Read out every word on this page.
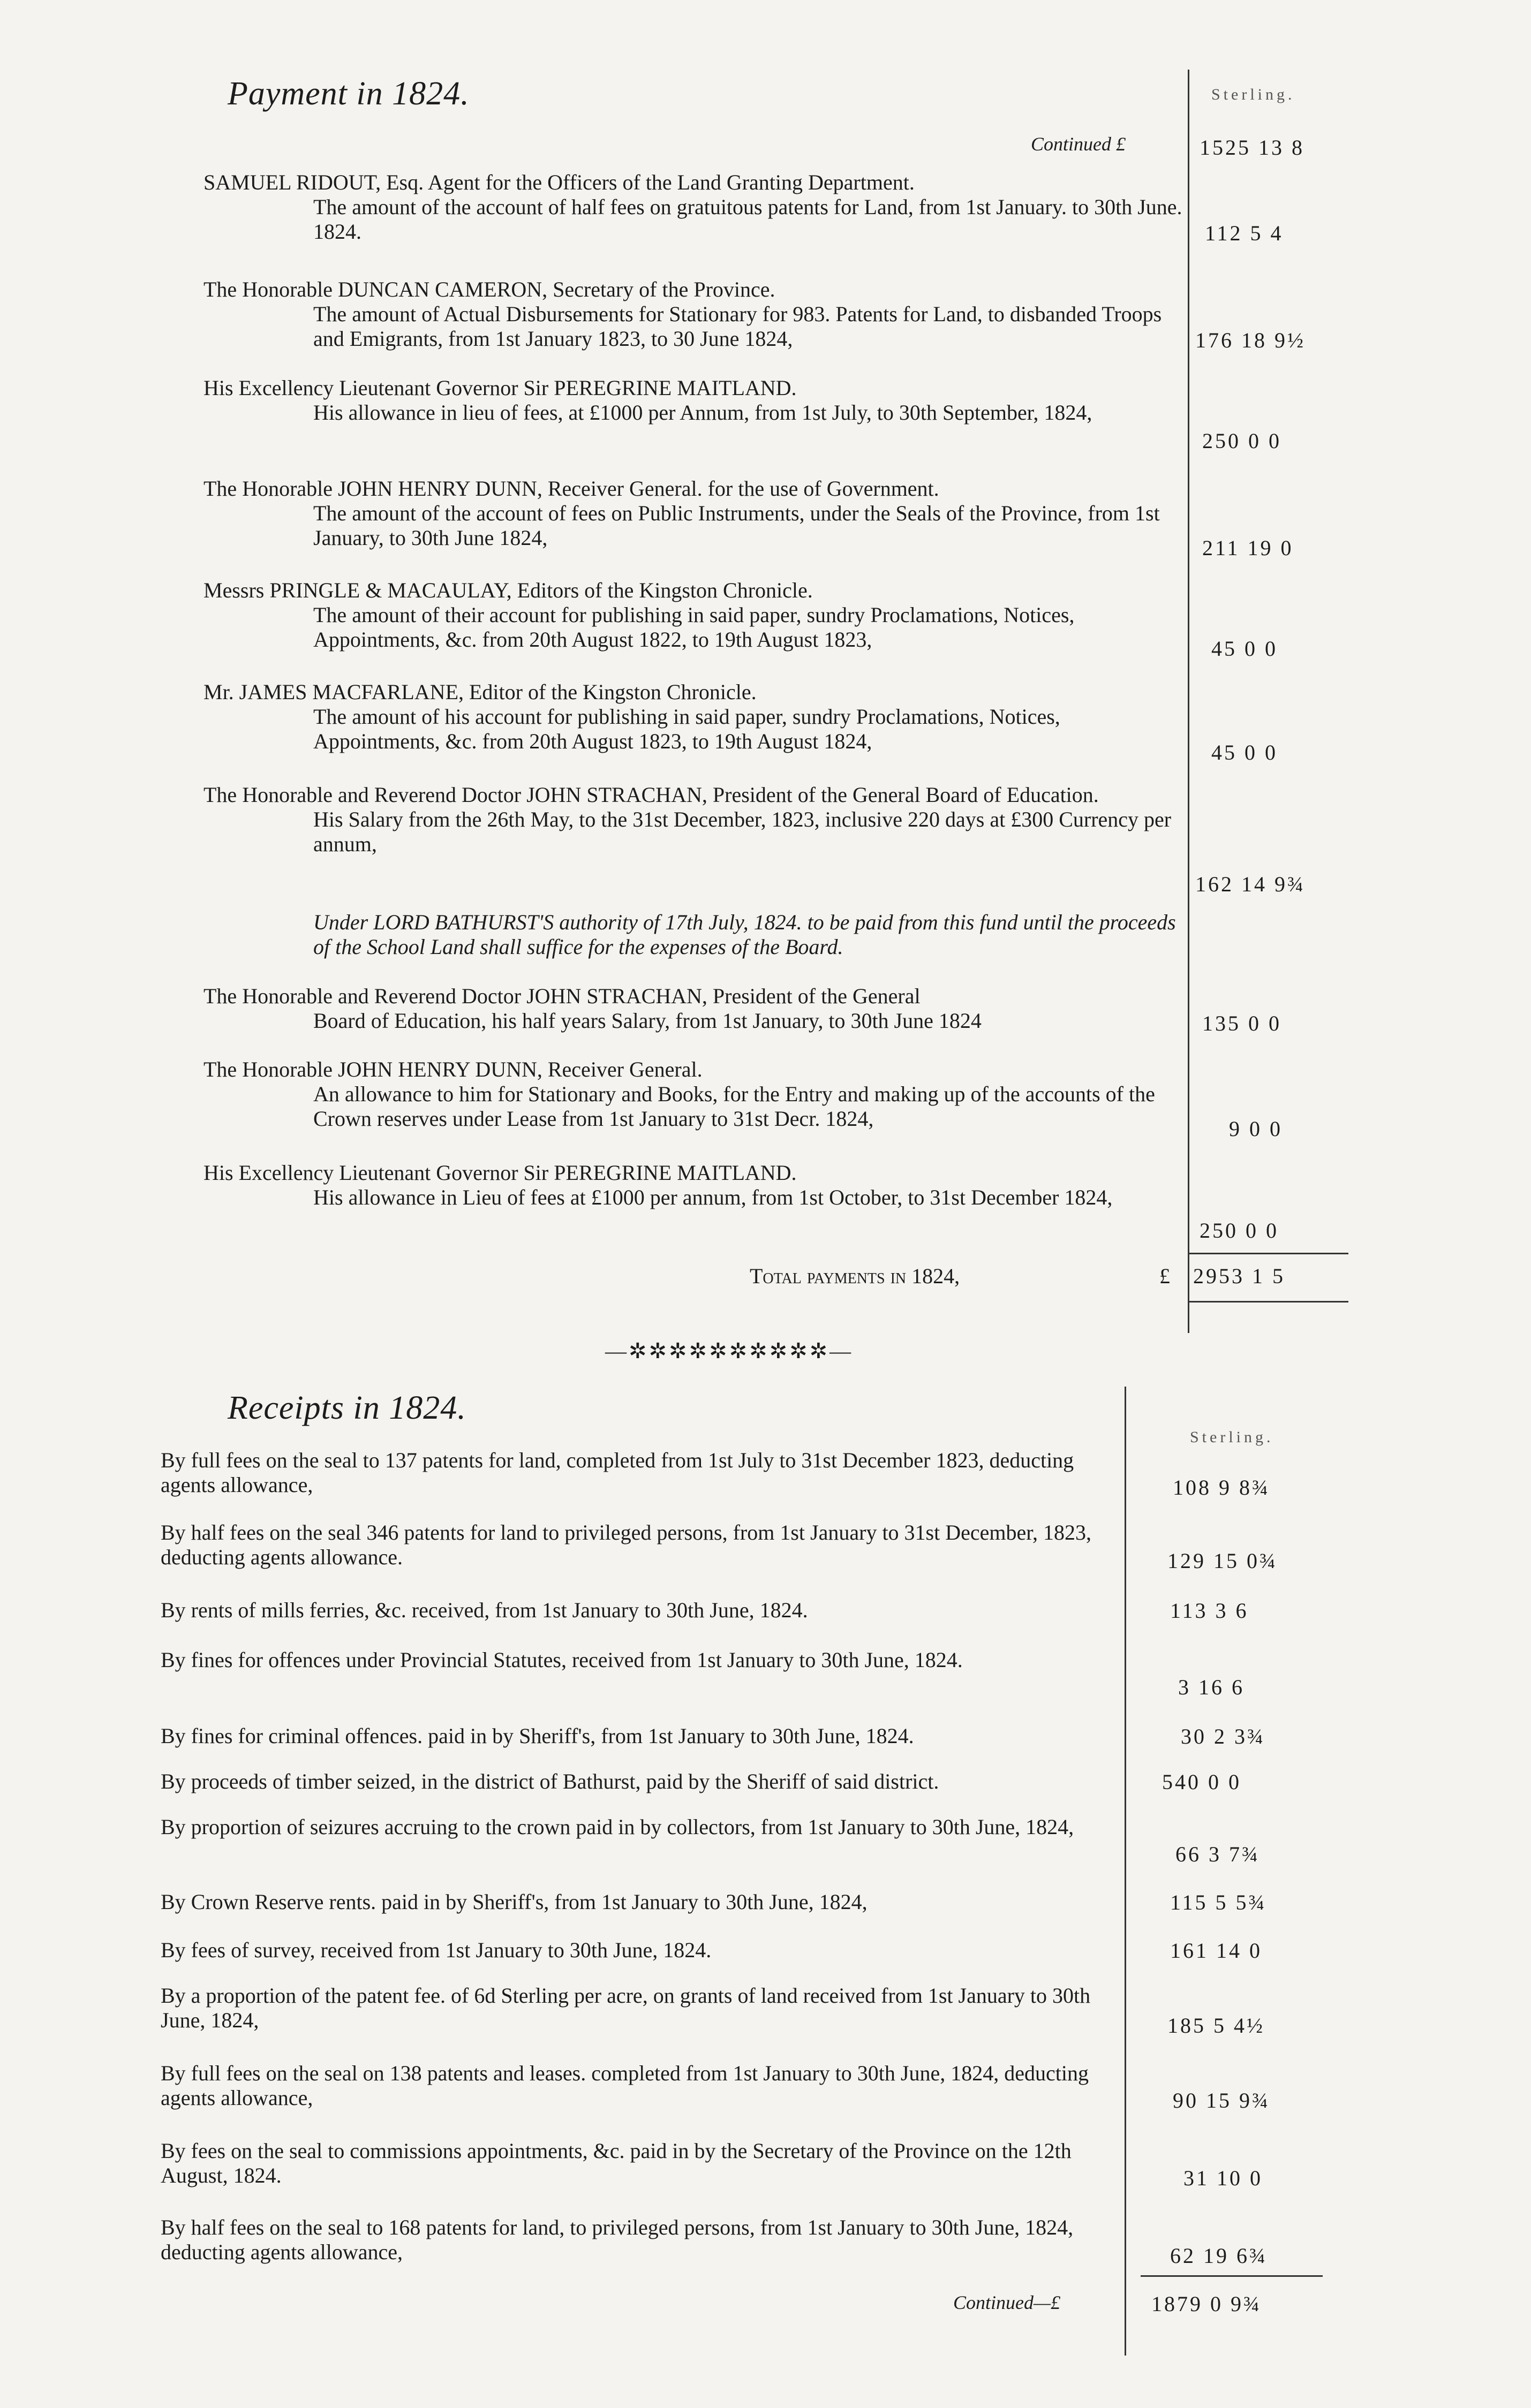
Payment in 1824.	Sterling.
Continued £	1525 13 8
SAMUEL RIDOUT, Esq. Agent for the Officers of the Land Granting Department.
The amount of the account of half fees on gratuitous patents for Land, from 1st January. to 30th June. 1824.	112 5 4
The Honorable DUNCAN CAMERON, Secretary of the Province.
The amount of Actual Disbursements for Stationary for 983. Patents for Land, to disbanded Troops and Emigrants, from 1st January 1823, to 30 June 1824,	176 18 9½
His Excellency Lieutenant Governor Sir PEREGRINE MAITLAND.
His allowance in lieu of fees, at £1000 per Annum, from 1st July, to 30th September, 1824,
250 0 0
The Honorable JOHN HENRY DUNN, Receiver General. for the use of Government.
The amount of the account of fees on Public Instruments, under the Seals of the Province, from 1st January, to 30th June 1824,	211 19 0
Messrs PRINGLE & MACAULAY, Editors of the Kingston Chronicle.
The amount of their account for publishing in said paper, sundry Proclamations, Notices, Appointments, &c. from 20th August 1822, to 19th August 1823,	45 0 0
Mr. JAMES MACFARLANE, Editor of the Kingston Chronicle.
The amount of his account for publishing in said paper, sundry Proclamations, Notices, Appointments, &c. from 20th August 1823, to 19th August 1824,	45 0 0
The Honorable and Reverend Doctor JOHN STRACHAN, President of the General Board of Education.
His Salary from the 26th May, to the 31st December, 1823, inclusive 220 days at £300 Currency per annum,
162 14 9¾
Under LORD BATHURST'S authority of 17th July, 1824. to be paid from this fund until the proceeds of the School Land shall suffice for the expenses of the Board.
The Honorable and Reverend Doctor JOHN STRACHAN, President of the General
Board of Education, his half years Salary, from 1st January, to 30th June 1824	135 0 0
The Honorable JOHN HENRY DUNN, Receiver General.
An allowance to him for Stationary and Books, for the Entry and making up of the accounts of the Crown reserves under Lease from 1st January to 31st Decr. 1824,	9 0 0
His Excellency Lieutenant Governor Sir PEREGRINE MAITLAND.
His allowance in Lieu of fees at £1000 per annum, from 1st October, to 31st December 1824,
250 0 0
Total payments in 1824,	£ 2953 1 5
—✲✲✲✲✲✲✲✲✲✲—
Receipts in 1824.
Sterling.
By full fees on the seal to 137 patents for land, completed from 1st July to 31st December 1823, deducting agents allowance,	108 9 8¾
By half fees on the seal 346 patents for land to privileged persons, from 1st January to 31st December, 1823, deducting agents allowance.	129 15 0¾
By rents of mills ferries, &c. received, from 1st January to 30th June, 1824.	113 3 6
By fines for offences under Provincial Statutes, received from 1st January to 30th June, 1824.
3 16 6
By fines for criminal offences. paid in by Sheriff's, from 1st January to 30th June, 1824.	30 2 3¾
By proceeds of timber seized, in the district of Bathurst, paid by the Sheriff of said district.	540 0 0
By proportion of seizures accruing to the crown paid in by collectors, from 1st January to 30th June, 1824,
66 3 7¾
By Crown Reserve rents. paid in by Sheriff's, from 1st January to 30th June, 1824,	115 5 5¾
By fees of survey, received from 1st January to 30th June, 1824.	161 14 0
By a proportion of the patent fee. of 6d Sterling per acre, on grants of land received from 1st January to 30th June, 1824,	185 5 4½
By full fees on the seal on 138 patents and leases. completed from 1st January to 30th June, 1824, deducting agents allowance,	90 15 9¾
By fees on the seal to commissions appointments, &c. paid in by the Secretary of the Province on the 12th August, 1824.	31 10 0
By half fees on the seal to 168 patents for land, to privileged persons, from 1st January to 30th June, 1824, deducting agents allowance,	62 19 6¾
Continued—£	1879 0 9¾
